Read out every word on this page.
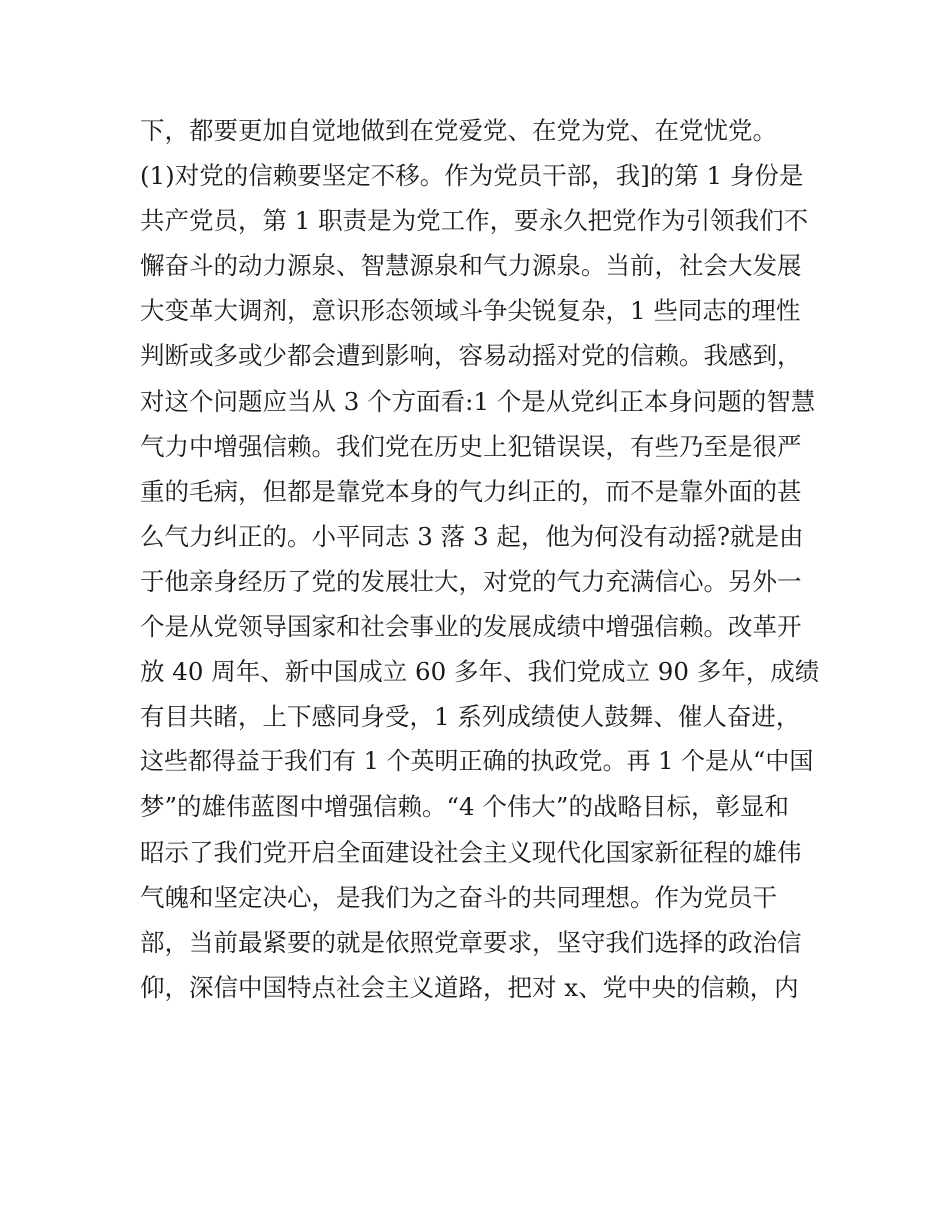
下，都要更加自觉地做到在党爱党、在党为党、在党忧党。
(1)对党的信赖要坚定不移。作为党员干部，我]的第 1 身份是
共产党员，第 1 职责是为党工作，要永久把党作为引领我们不
懈奋斗的动力源泉、智慧源泉和气力源泉。当前，社会大发展
大变革大调剂，意识形态领域斗争尖锐复杂，1 些同志的理性
判断或多或少都会遭到影响，容易动摇对党的信赖。我感到，
对这个问题应当从 3 个方面看:1 个是从党纠正本身问题的智慧
气力中增强信赖。我们党在历史上犯错误误，有些乃至是很严
重的毛病，但都是靠党本身的气力纠正的，而不是靠外面的甚
么气力纠正的。小平同志 3 落 3 起，他为何没有动摇?就是由
于他亲身经历了党的发展壮大，对党的气力充满信心。另外一
个是从党领导国家和社会事业的发展成绩中增强信赖。改革开
放 40 周年、新中国成立 60 多年、我们党成立 90 多年，成绩
有目共睹，上下感同身受，1 系列成绩使人鼓舞、催人奋进，
这些都得益于我们有 1 个英明正确的执政党。再 1 个是从“中国
梦”的雄伟蓝图中增强信赖。“4 个伟大”的战略目标，彰显和
昭示了我们党开启全面建设社会主义现代化国家新征程的雄伟
气魄和坚定决心，是我们为之奋斗的共同理想。作为党员干
部，当前最紧要的就是依照党章要求，坚守我们选择的政治信
仰，深信中国特点社会主义道路，把对 x、党中央的信赖，内
